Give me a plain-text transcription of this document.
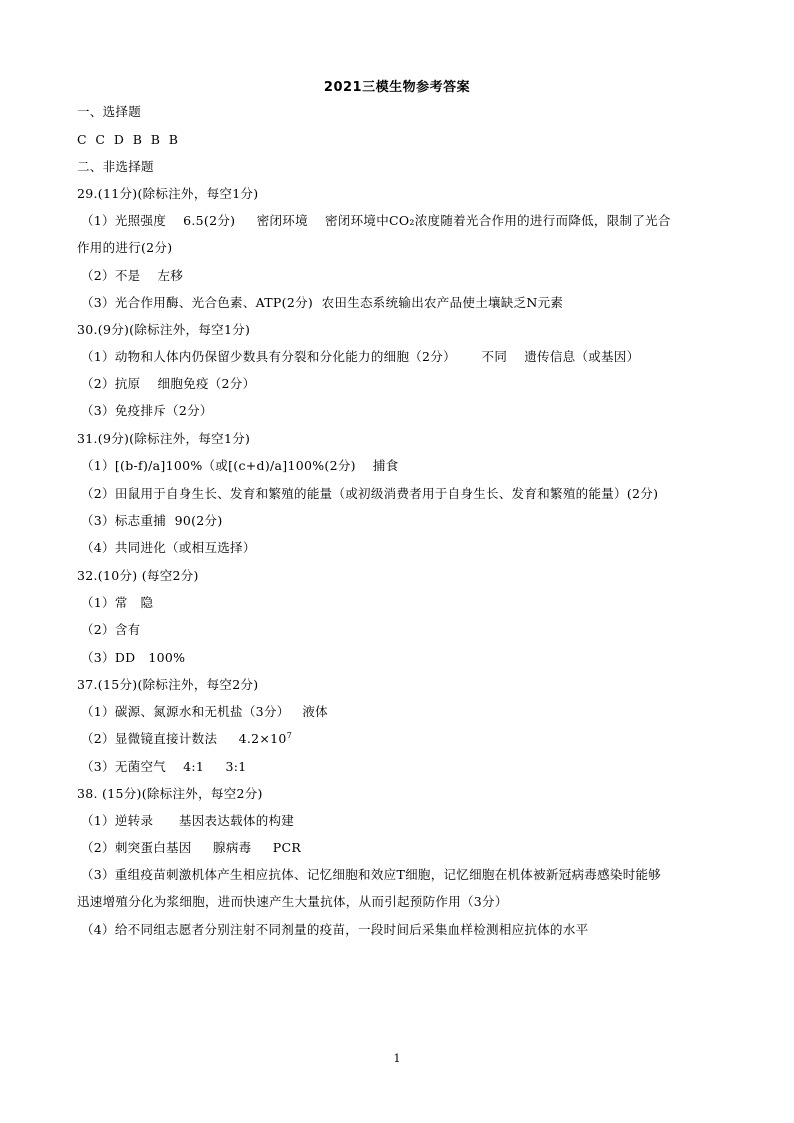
2021三模生物参考答案
一、选择题
C  C  D  B  B  B
二、非选择题
29.(11分)(除标注外，每空1分)
（1）光照强度    6.5(2分)     密闭环境    密闭环境中CO₂浓度随着光合作用的进行而降低，限制了光合
作用的进行(2分)
（2）不是    左移
（3）光合作用酶、光合色素、ATP(2分)  农田生态系统输出农产品使土壤缺乏N元素
30.(9分)(除标注外，每空1分)
（1）动物和人体内仍保留少数具有分裂和分化能力的细胞（2分）      不同    遗传信息（或基因）
（2）抗原    细胞免疫（2分）
（3）免疫排斥（2分）
31.(9分)(除标注外，每空1分)
（1）[(b-f)/a]100%（或[(c+d)/a]100%(2分)    捕食
（2）田鼠用于自身生长、发育和繁殖的能量（或初级消费者用于自身生长、发育和繁殖的能量）(2分)
（3）标志重捕  90(2分)
（4）共同进化（或相互选择）
32.(10分) (每空2分)
（1）常   隐
（2）含有
（3）DD   100%
37.(15分)(除标注外，每空2分)
（1）碳源、氮源水和无机盐（3分）   液体
（2）显微镜直接计数法     $4.2\times 10^7$
（3）无菌空气    4:1     3:1
38. (15分)(除标注外，每空2分)
（1）逆转录      基因表达载体的构建
（2）刺突蛋白基因     腺病毒     PCR
（3）重组疫苗刺激机体产生相应抗体、记忆细胞和效应T细胞，记忆细胞在机体被新冠病毒感染时能够
迅速增殖分化为浆细胞，进而快速产生大量抗体，从而引起预防作用（3分）
（4）给不同组志愿者分别注射不同剂量的疫苗，一段时间后采集血样检测相应抗体的水平
1
